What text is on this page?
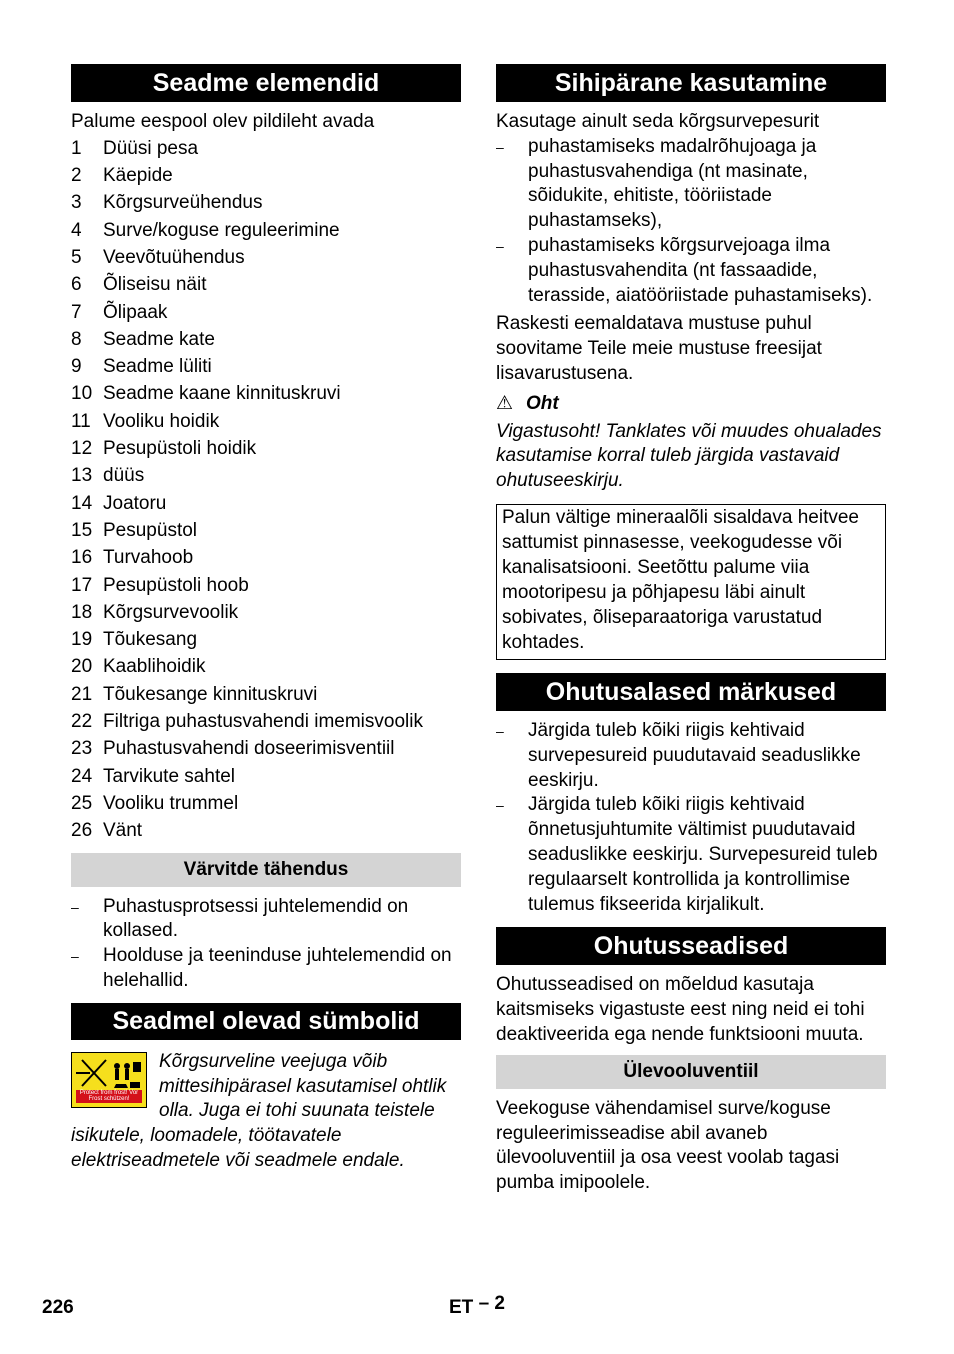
Seadme elemendid

Palume eespool olev pildileht avada

1	Düüsi pesa
2	Käepide
3	Kõrgsurveühendus
4	Surve/koguse reguleerimine
5	Veevõtuühendus
6	Õliseisu näit
7	Õlipaak
8	Seadme kate
9	Seadme lüliti
10 Seadme kaane kinnituskruvi
11 Vooliku hoidik
12 Pesupüstoli hoidik
13 düüs
14 Joatoru
15 Pesupüstol
16 Turvahoob
17 Pesupüstoli hoob
18 Kõrgsurvevoolik
19 Tõukesang
20 Kaablihoidik
21 Tõukesange kinnituskruvi
22 Filtriga puhastusvahendi imemisvoolik
23 Puhastusvahendi doseerimisventiil
24 Tarvikute sahtel
25 Vooliku trummel
26 Vänt
Värvitde tähendus
–	Puhastusprotsessi juhtelemendid on kollased.
–	Hoolduse ja teeninduse juhtelemendid on helehallid.
Seadmel olevad sümbolid
Protect from frost! Vor Frost schützen!

Kõrgsurveline veejuga võib mittesihipärasel kasutamisel ohtlik olla. Juga ei tohi suunata teistele isikutele, loomadele, töötavatele elektriseadmetele või seadmele endale.

Sihipärane kasutamine

Kasutage ainult seda kõrgsurvepesurit

–	puhastamiseks madalrõhujoaga ja puhastusvahendiga (nt masinate, sõidukite, ehitiste, tööriistade puhastamseks),
–	puhastamiseks kõrgsurvejoaga ilma puhastusvahendita (nt fassaadide, terasside, aiatööriistade puhastamiseks).

Raskesti eemaldatava mustuse puhul soovitame Teile meie mustuse freesijat lisavarustusena.

⚠ Oht

Vigastusoht! Tanklates või muudes ohualades kasutamise korral tuleb järgida vastavaid ohutuseeskirju.

Palun vältige mineraalõli sisaldava heitvee sattumist pinnasesse, veekogudesse või kanalisatsiooni. Seetõttu palume viia mootoripesu ja põhjapesu läbi ainult sobivates, õliseparaatoriga varustatud kohtades.

Ohutusalased märkused
–	Järgida tuleb kõiki riigis kehtivaid survepesureid puudutavaid seaduslikke eeskirju.
–	Järgida tuleb kõiki riigis kehtivaid õnnetusjuhtumite vältimist puudutavaid seaduslikke eeskirju. Survepesureid tuleb regulaarselt kontrollida ja kontrollimise tulemus fikseerida kirjalikult.
Ohutusseadised

Ohutusseadised on mõeldud kasutaja kaitsmiseks vigastuste eest ning neid ei tohi deaktiveerida ega nende funktsiooni muuta.

Ülevooluventiil

Veekoguse vähendamisel surve/koguse reguleerimisseadise abil avaneb ülevooluventiil ja osa veest voolab tagasi pumba imipoolele.

226	ET – 2
